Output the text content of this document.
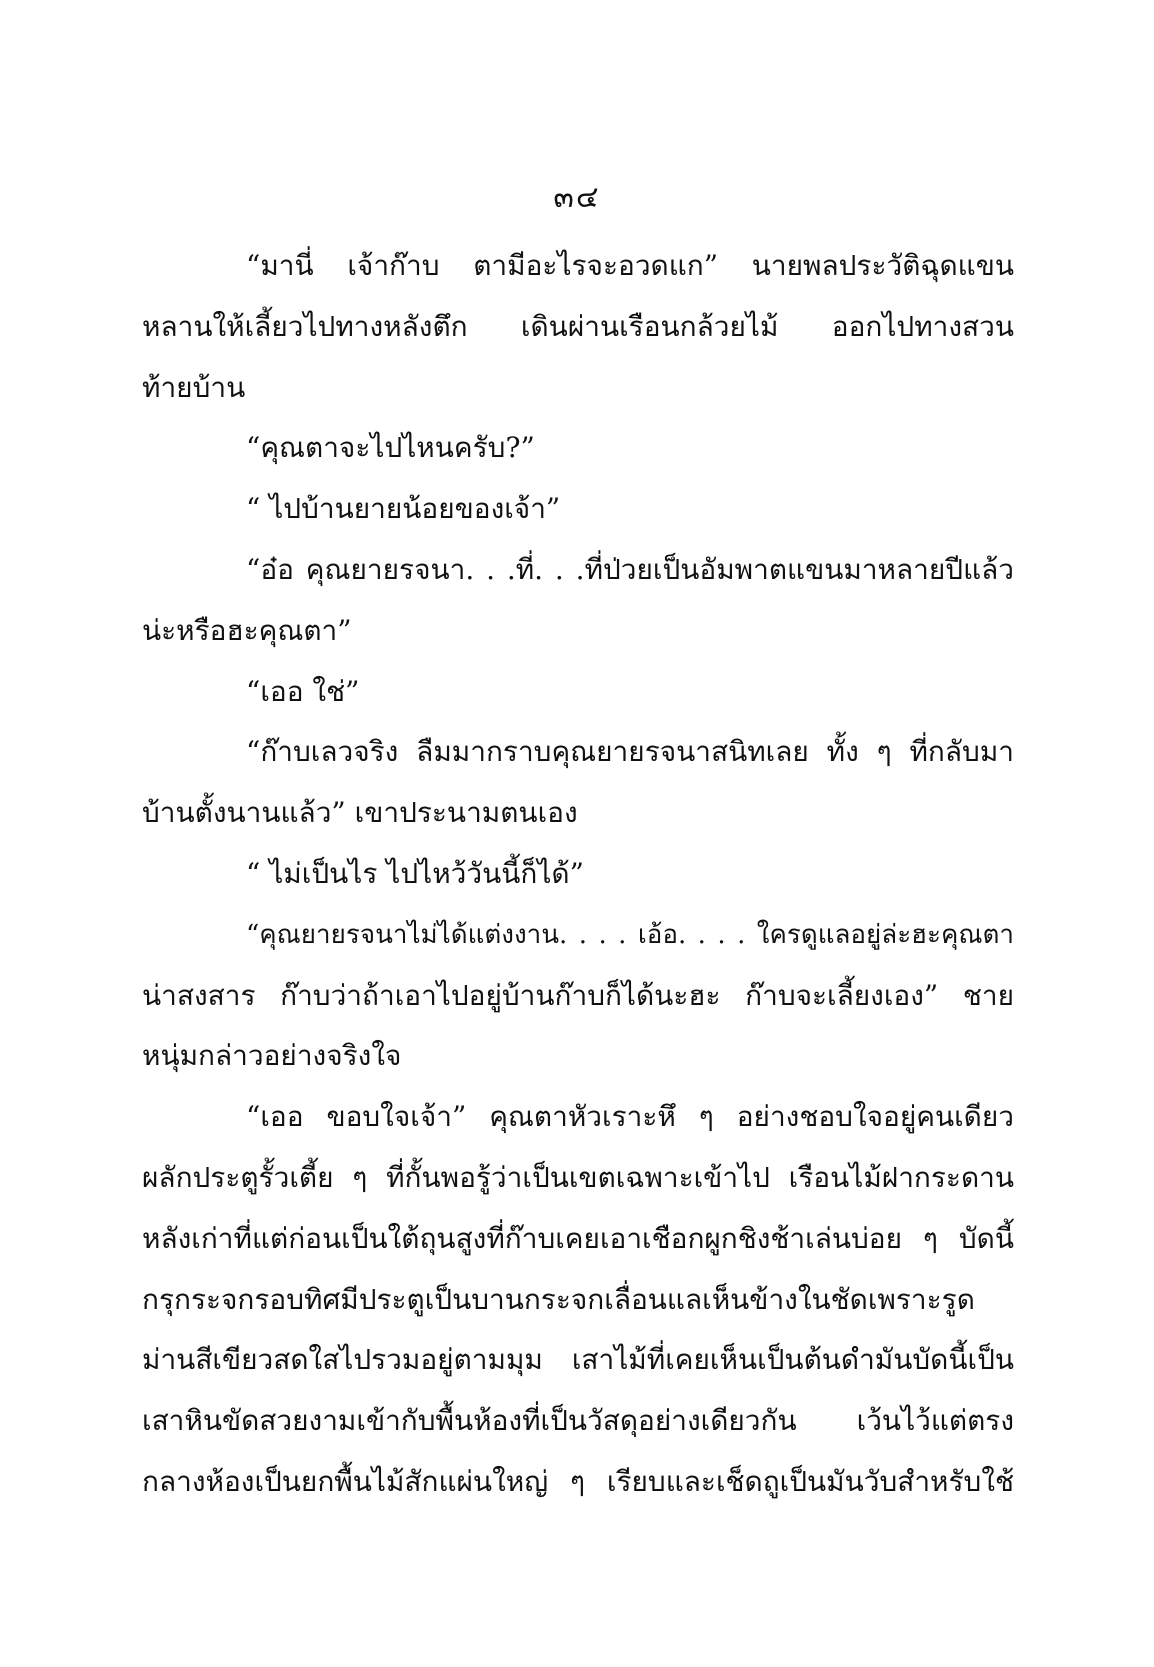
๓๔
“มานี่ เจ้าก๊าบ ตามีอะไรจะอวดแก” นายพลประวัติฉุดแขน
หลานให้เลี้ยวไปทางหลังตึก เดินผ่านเรือนกล้วยไม้ ออกไปทางสวน
ท้ายบ้าน
“คุณตาจะไปไหนครับ?”
“ ไปบ้านยายน้อยของเจ้า”
“อ๋อ คุณยายรจนา. . .ที่. . .ที่ป่วยเป็นอัมพาตแขนมาหลายปีแล้ว
น่ะหรือฮะคุณตา”
“เออ ใช่”
“ก๊าบเลวจริง ลืมมากราบคุณยายรจนาสนิทเลย ทั้ง ๆ ที่กลับมา
บ้านตั้งนานแล้ว” เขาประนามตนเอง
“ ไม่เป็นไร ไปไหว้วันนี้ก็ได้”
“คุณยายรจนาไม่ได้แต่งงาน. . . . เอ้อ. . . . ใครดูแลอยู่ล่ะฮะคุณตา
น่าสงสาร ก๊าบว่าถ้าเอาไปอยู่บ้านก๊าบก็ได้นะฮะ ก๊าบจะเลี้ยงเอง” ชาย
หนุ่มกล่าวอย่างจริงใจ
“เออ ขอบใจเจ้า” คุณตาหัวเราะหึ ๆ อย่างชอบใจอยู่คนเดียว
ผลักประตูรั้วเตี้ย ๆ ที่กั้นพอรู้ว่าเป็นเขตเฉพาะเข้าไป เรือนไม้ฝากระดาน
หลังเก่าที่แต่ก่อนเป็นใต้ถุนสูงที่ก๊าบเคยเอาเชือกผูกชิงช้าเล่นบ่อย ๆ บัดนี้
กรุกระจกรอบทิศมีประตูเป็นบานกระจกเลื่อนแลเห็นข้างในชัดเพราะรูด
ม่านสีเขียวสดใสไปรวมอยู่ตามมุม เสาไม้ที่เคยเห็นเป็นต้นดำมันบัดนี้เป็น
เสาหินขัดสวยงามเข้ากับพื้นห้องที่เป็นวัสดุอย่างเดียวกัน เว้นไว้แต่ตรง
กลางห้องเป็นยกพื้นไม้สักแผ่นใหญ่ ๆ เรียบและเช็ดถูเป็นมันวับสำหรับใช้
